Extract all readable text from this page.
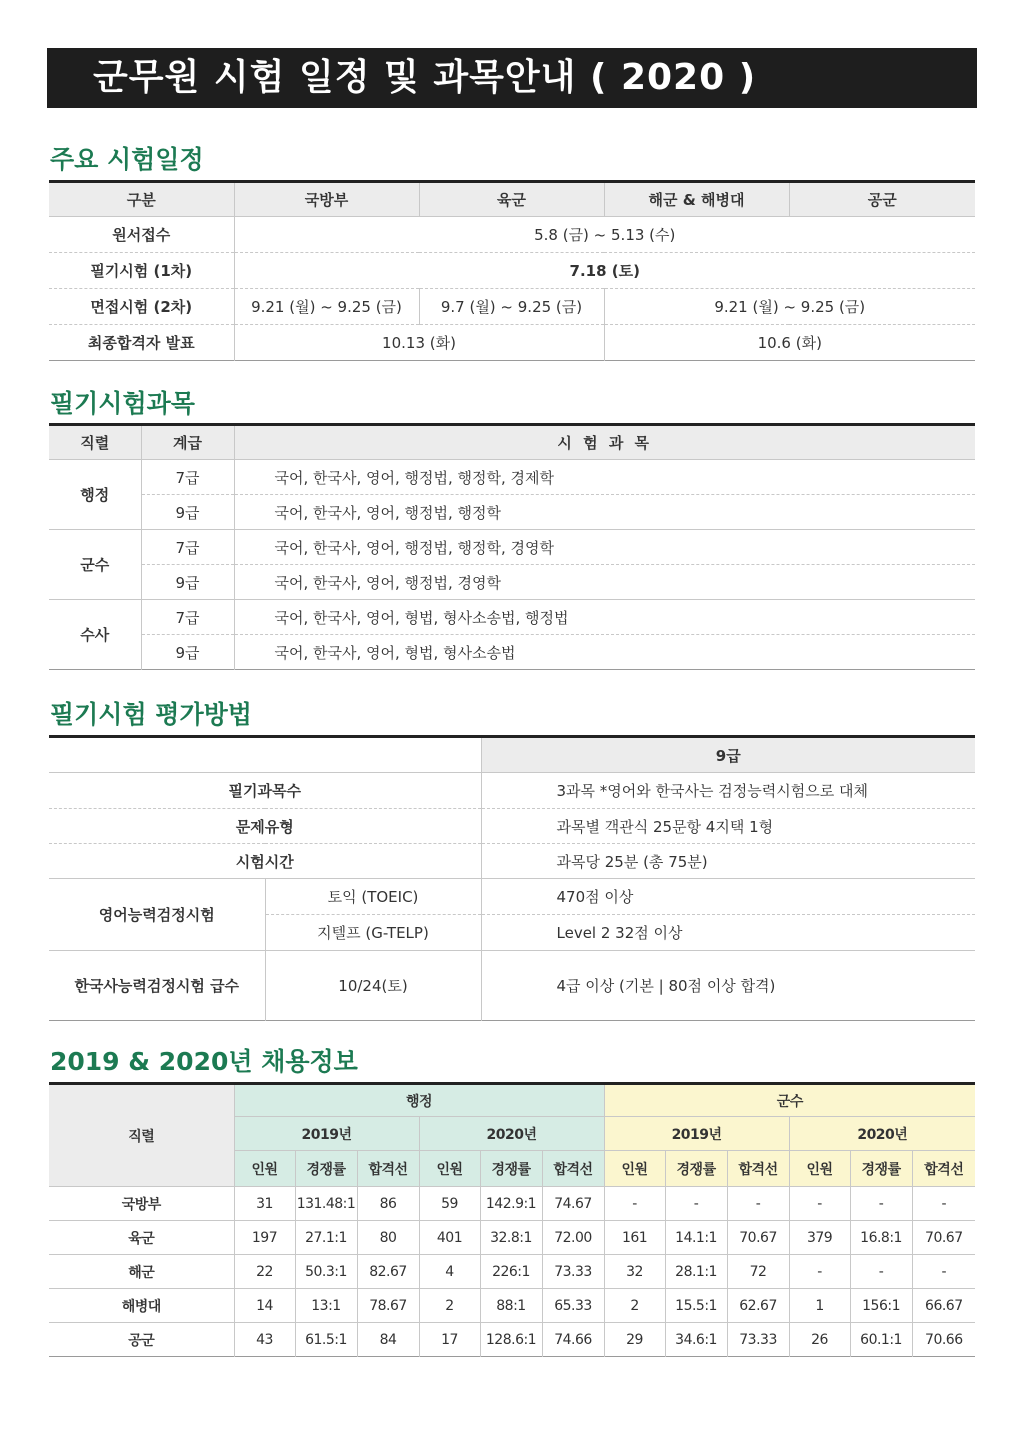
군무원 시험 일정 및 과목안내 ( 2020 )
주요 시험일정
구분	국방부	육군	해군 & 해병대	공군
원서접수	5.8 (금) ~ 5.13 (수)			
필기시험 (1차)	7.18 (토)			
면접시험 (2차)	9.21 (월) ~ 9.25 (금)	9.7 (월) ~ 9.25 (금)	9.21 (월) ~ 9.25 (금)	
최종합격자 발표	10.13 (화)		10.6 (화)	
필기시험과목
직렬	계급	시 험 과 목
행정	7급	국어, 한국사, 영어, 행정법, 행정학, 경제학
	9급	국어, 한국사, 영어, 행정법, 행정학
군수	7급	국어, 한국사, 영어, 행정법, 행정학, 경영학
	9급	국어, 한국사, 영어, 행정법, 경영학
수사	7급	국어, 한국사, 영어, 형법, 형사소송법, 행정법
	9급	국어, 한국사, 영어, 형법, 형사소송법
필기시험 평가방법
		9급
필기과목수		3과목 *영어와 한국사는 검정능력시험으로 대체
문제유형		과목별 객관식 25문항 4지택 1형
시험시간		과목당 25분 (총 75분)
영어능력검정시험	토익 (TOEIC)	470점 이상
	지텔프 (G-TELP)	Level 2 32점 이상
한국사능력검정시험 급수	10/24(토)	4급 이상 (기본 | 80점 이상 합격)
2019 & 2020년 채용정보
직렬	행정						군수					
	2019년			2020년			2019년			2020년		
	인원	경쟁률	합격선	인원	경쟁률	합격선	인원	경쟁률	합격선	인원	경쟁률	합격선
국방부	31	131.48:1	86	59	142.9:1	74.67	-	-	-	-	-	-
육군	197	27.1:1	80	401	32.8:1	72.00	161	14.1:1	70.67	379	16.8:1	70.67
해군	22	50.3:1	82.67	4	226:1	73.33	32	28.1:1	72	-	-	-
해병대	14	13:1	78.67	2	88:1	65.33	2	15.5:1	62.67	1	156:1	66.67
공군	43	61.5:1	84	17	128.6:1	74.66	29	34.6:1	73.33	26	60.1:1	70.66
